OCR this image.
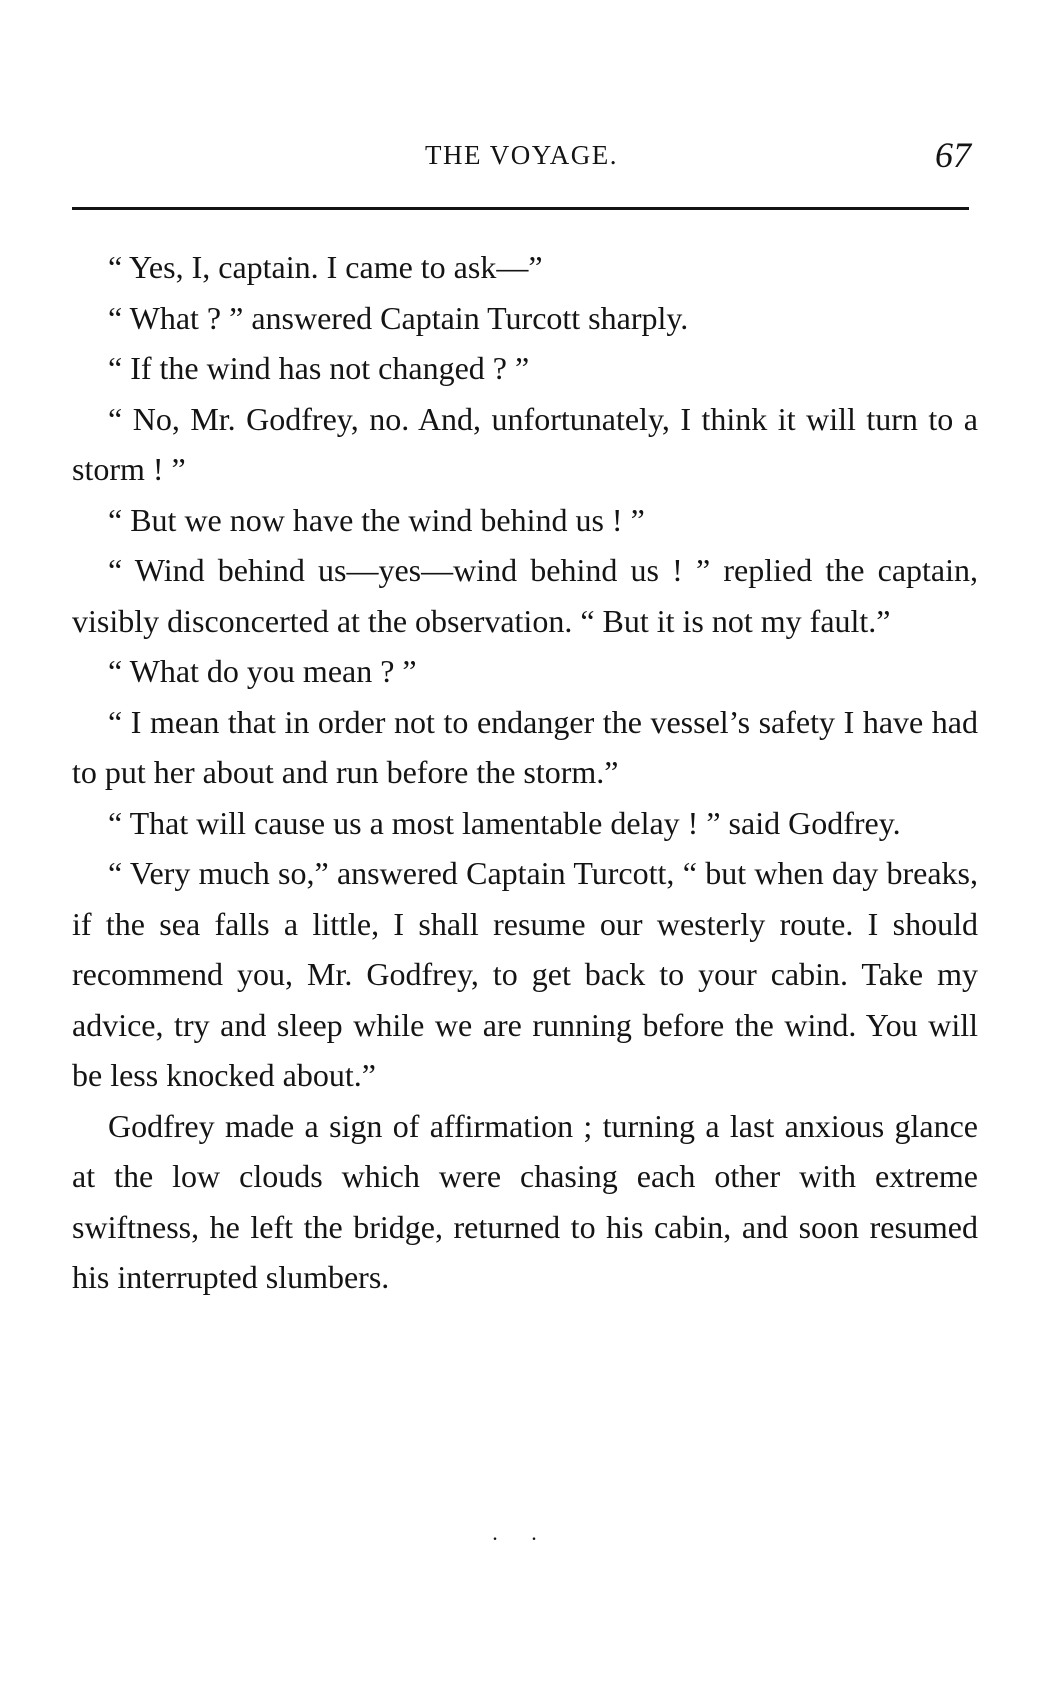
THE VOYAGE.	67

“ Yes, I, captain. I came to ask—”

“ What ? ” answered Captain Turcott sharply.

“ If the wind has not changed ? ”

“ No, Mr. Godfrey, no. And, unfortunately, I think it will turn to a storm ! ”

“ But we now have the wind behind us ! ”

“ Wind behind us—yes—wind behind us ! ” replied the captain, visibly disconcerted at the observation. “ But it is not my fault.”

“ What do you mean ? ”

“ I mean that in order not to endanger the vessel’s safety I have had to put her about and run before the storm.”

“ That will cause us a most lamentable delay ! ” said Godfrey.

“ Very much so,” answered Captain Turcott, “ but when day breaks, if the sea falls a little, I shall resume our westerly route. I should recommend you, Mr. Godfrey, to get back to your cabin. Take my advice, try and sleep while we are running before the wind. You will be less knocked about.”

Godfrey made a sign of affirmation ; turning a last anxious glance at the low clouds which were chasing each other with extreme swiftness, he left the bridge, returned to his cabin, and soon resumed his interrupted slumbers.

. .
